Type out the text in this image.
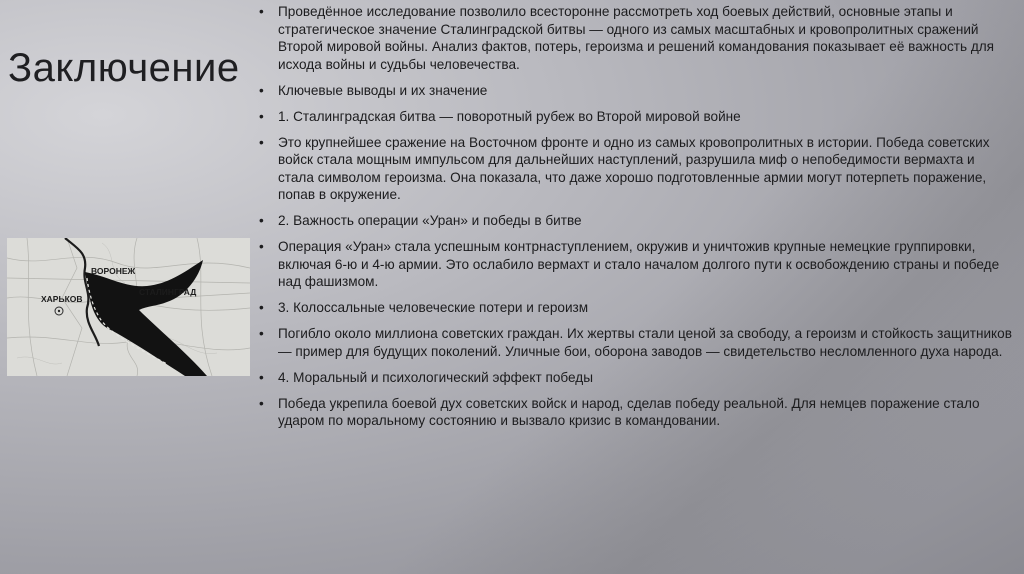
Заключение
ВОРОНЕЖ
ХАРЬКОВ
СТАЛИНГРАД
• Проведённое исследование позволило всесторонне рассмотреть ход боевых действий, основные этапы и стратегическое значение Сталинградской битвы — одного из самых масштабных и кровопролитных сражений Второй мировой войны. Анализ фактов, потерь, героизма и решений командования показывает её важность для исхода войны и судьбы человечества.
• Ключевые выводы и их значение
• 1. Сталинградская битва — поворотный рубеж во Второй мировой войне
• Это крупнейшее сражение на Восточном фронте и одно из самых кровопролитных в истории. Победа советских войск стала мощным импульсом для дальнейших наступлений, разрушила миф о непобедимости вермахта и стала символом героизма. Она показала, что даже хорошо подготовленные армии могут потерпеть поражение, попав в окружение.
• 2. Важность операции «Уран» и победы в битве
• Операция «Уран» стала успешным контрнаступлением, окружив и уничтожив крупные немецкие группировки, включая 6-ю и 4-ю армии. Это ослабило вермахт и стало началом долгого пути к освобождению страны и победе над фашизмом.
• 3. Колоссальные человеческие потери и героизм
• Погибло около миллиона советских граждан. Их жертвы стали ценой за свободу, а героизм и стойкость защитников — пример для будущих поколений. Уличные бои, оборона заводов — свидетельство несломленного духа народа.
• 4. Моральный и психологический эффект победы
• Победа укрепила боевой дух советских войск и народ, сделав победу реальной. Для немцев поражение стало ударом по моральному состоянию и вызвало кризис в командовании.
